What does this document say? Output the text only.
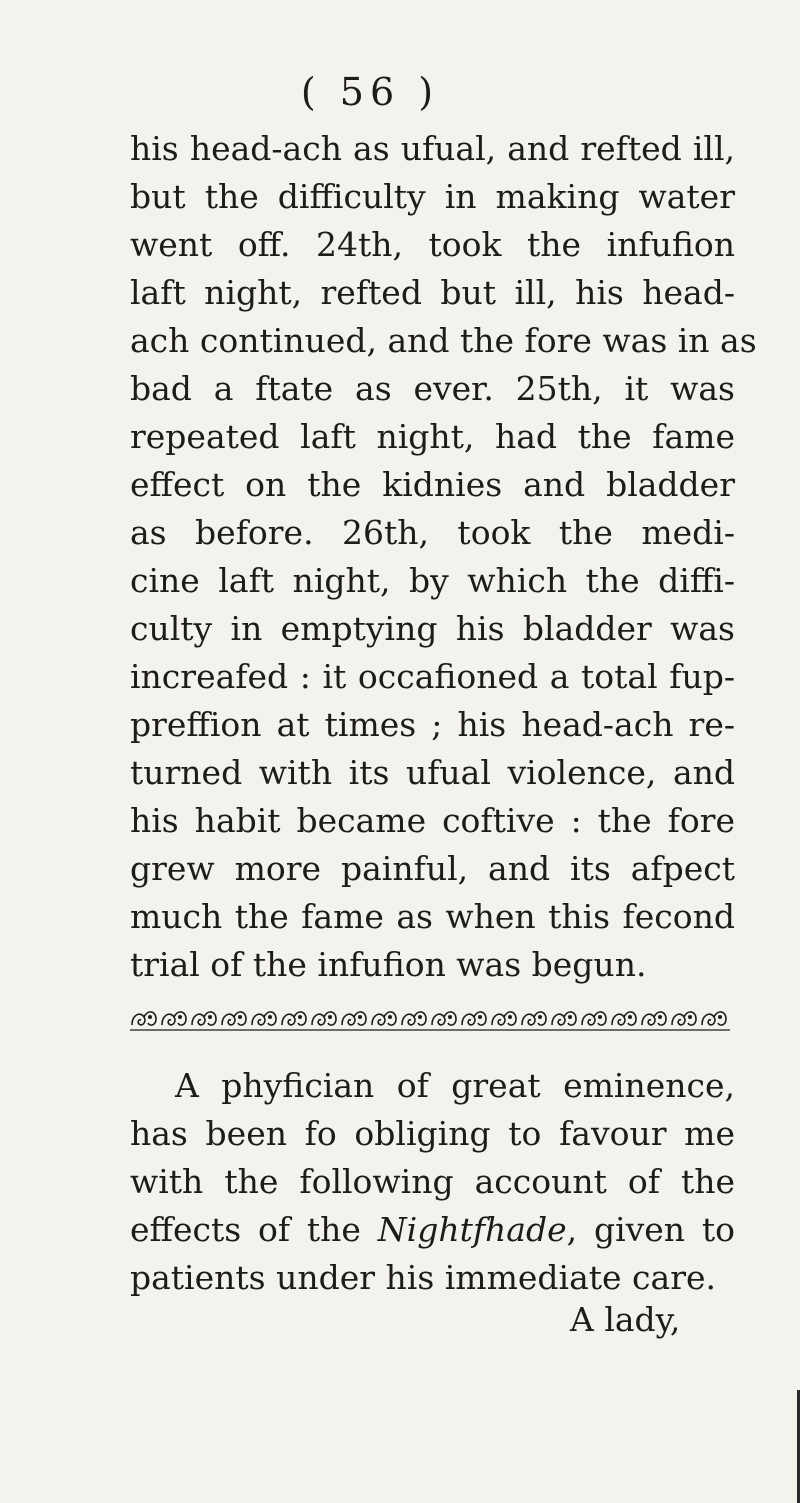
( 56 )
his head-ach as ufual, and refted ill,
but the difficulty in making water
went off. 24th, took the infufion
laft night, refted but ill, his head-
ach continued, and the fore was in as
bad a ftate as ever. 25th, it was
repeated laft night, had the fame
effect on the kidnies and bladder
as before. 26th, took the medi-
cine laft night, by which the diffi-
culty in emptying his bladder was
increafed : it occafioned a total fup-
preffion at times ; his head-ach re-
turned with its ufual violence, and
his habit became coftive : the fore
grew more painful, and its afpect
much the fame as when this fecond
trial of the infufion was begun.
A phyfician of great eminence,
has been fo obliging to favour me
with the following account of the
effects of the Nightfhade, given to
patients under his immediate care.
A lady,
